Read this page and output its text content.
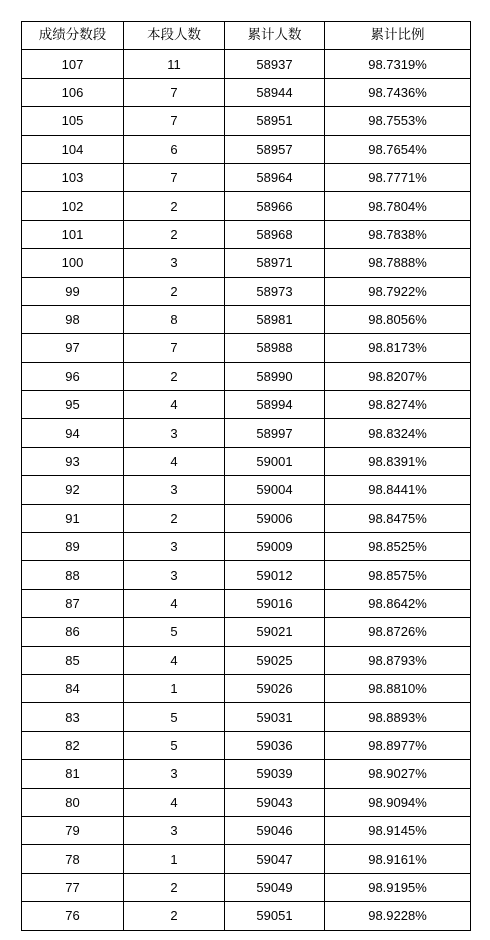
成绩分数段	本段人数	累计人数	累计比例
107	11	58937	98.7319%
106	7	58944	98.7436%
105	7	58951	98.7553%
104	6	58957	98.7654%
103	7	58964	98.7771%
102	2	58966	98.7804%
101	2	58968	98.7838%
100	3	58971	98.7888%
99	2	58973	98.7922%
98	8	58981	98.8056%
97	7	58988	98.8173%
96	2	58990	98.8207%
95	4	58994	98.8274%
94	3	58997	98.8324%
93	4	59001	98.8391%
92	3	59004	98.8441%
91	2	59006	98.8475%
89	3	59009	98.8525%
88	3	59012	98.8575%
87	4	59016	98.8642%
86	5	59021	98.8726%
85	4	59025	98.8793%
84	1	59026	98.8810%
83	5	59031	98.8893%
82	5	59036	98.8977%
81	3	59039	98.9027%
80	4	59043	98.9094%
79	3	59046	98.9145%
78	1	59047	98.9161%
77	2	59049	98.9195%
76	2	59051	98.9228%
